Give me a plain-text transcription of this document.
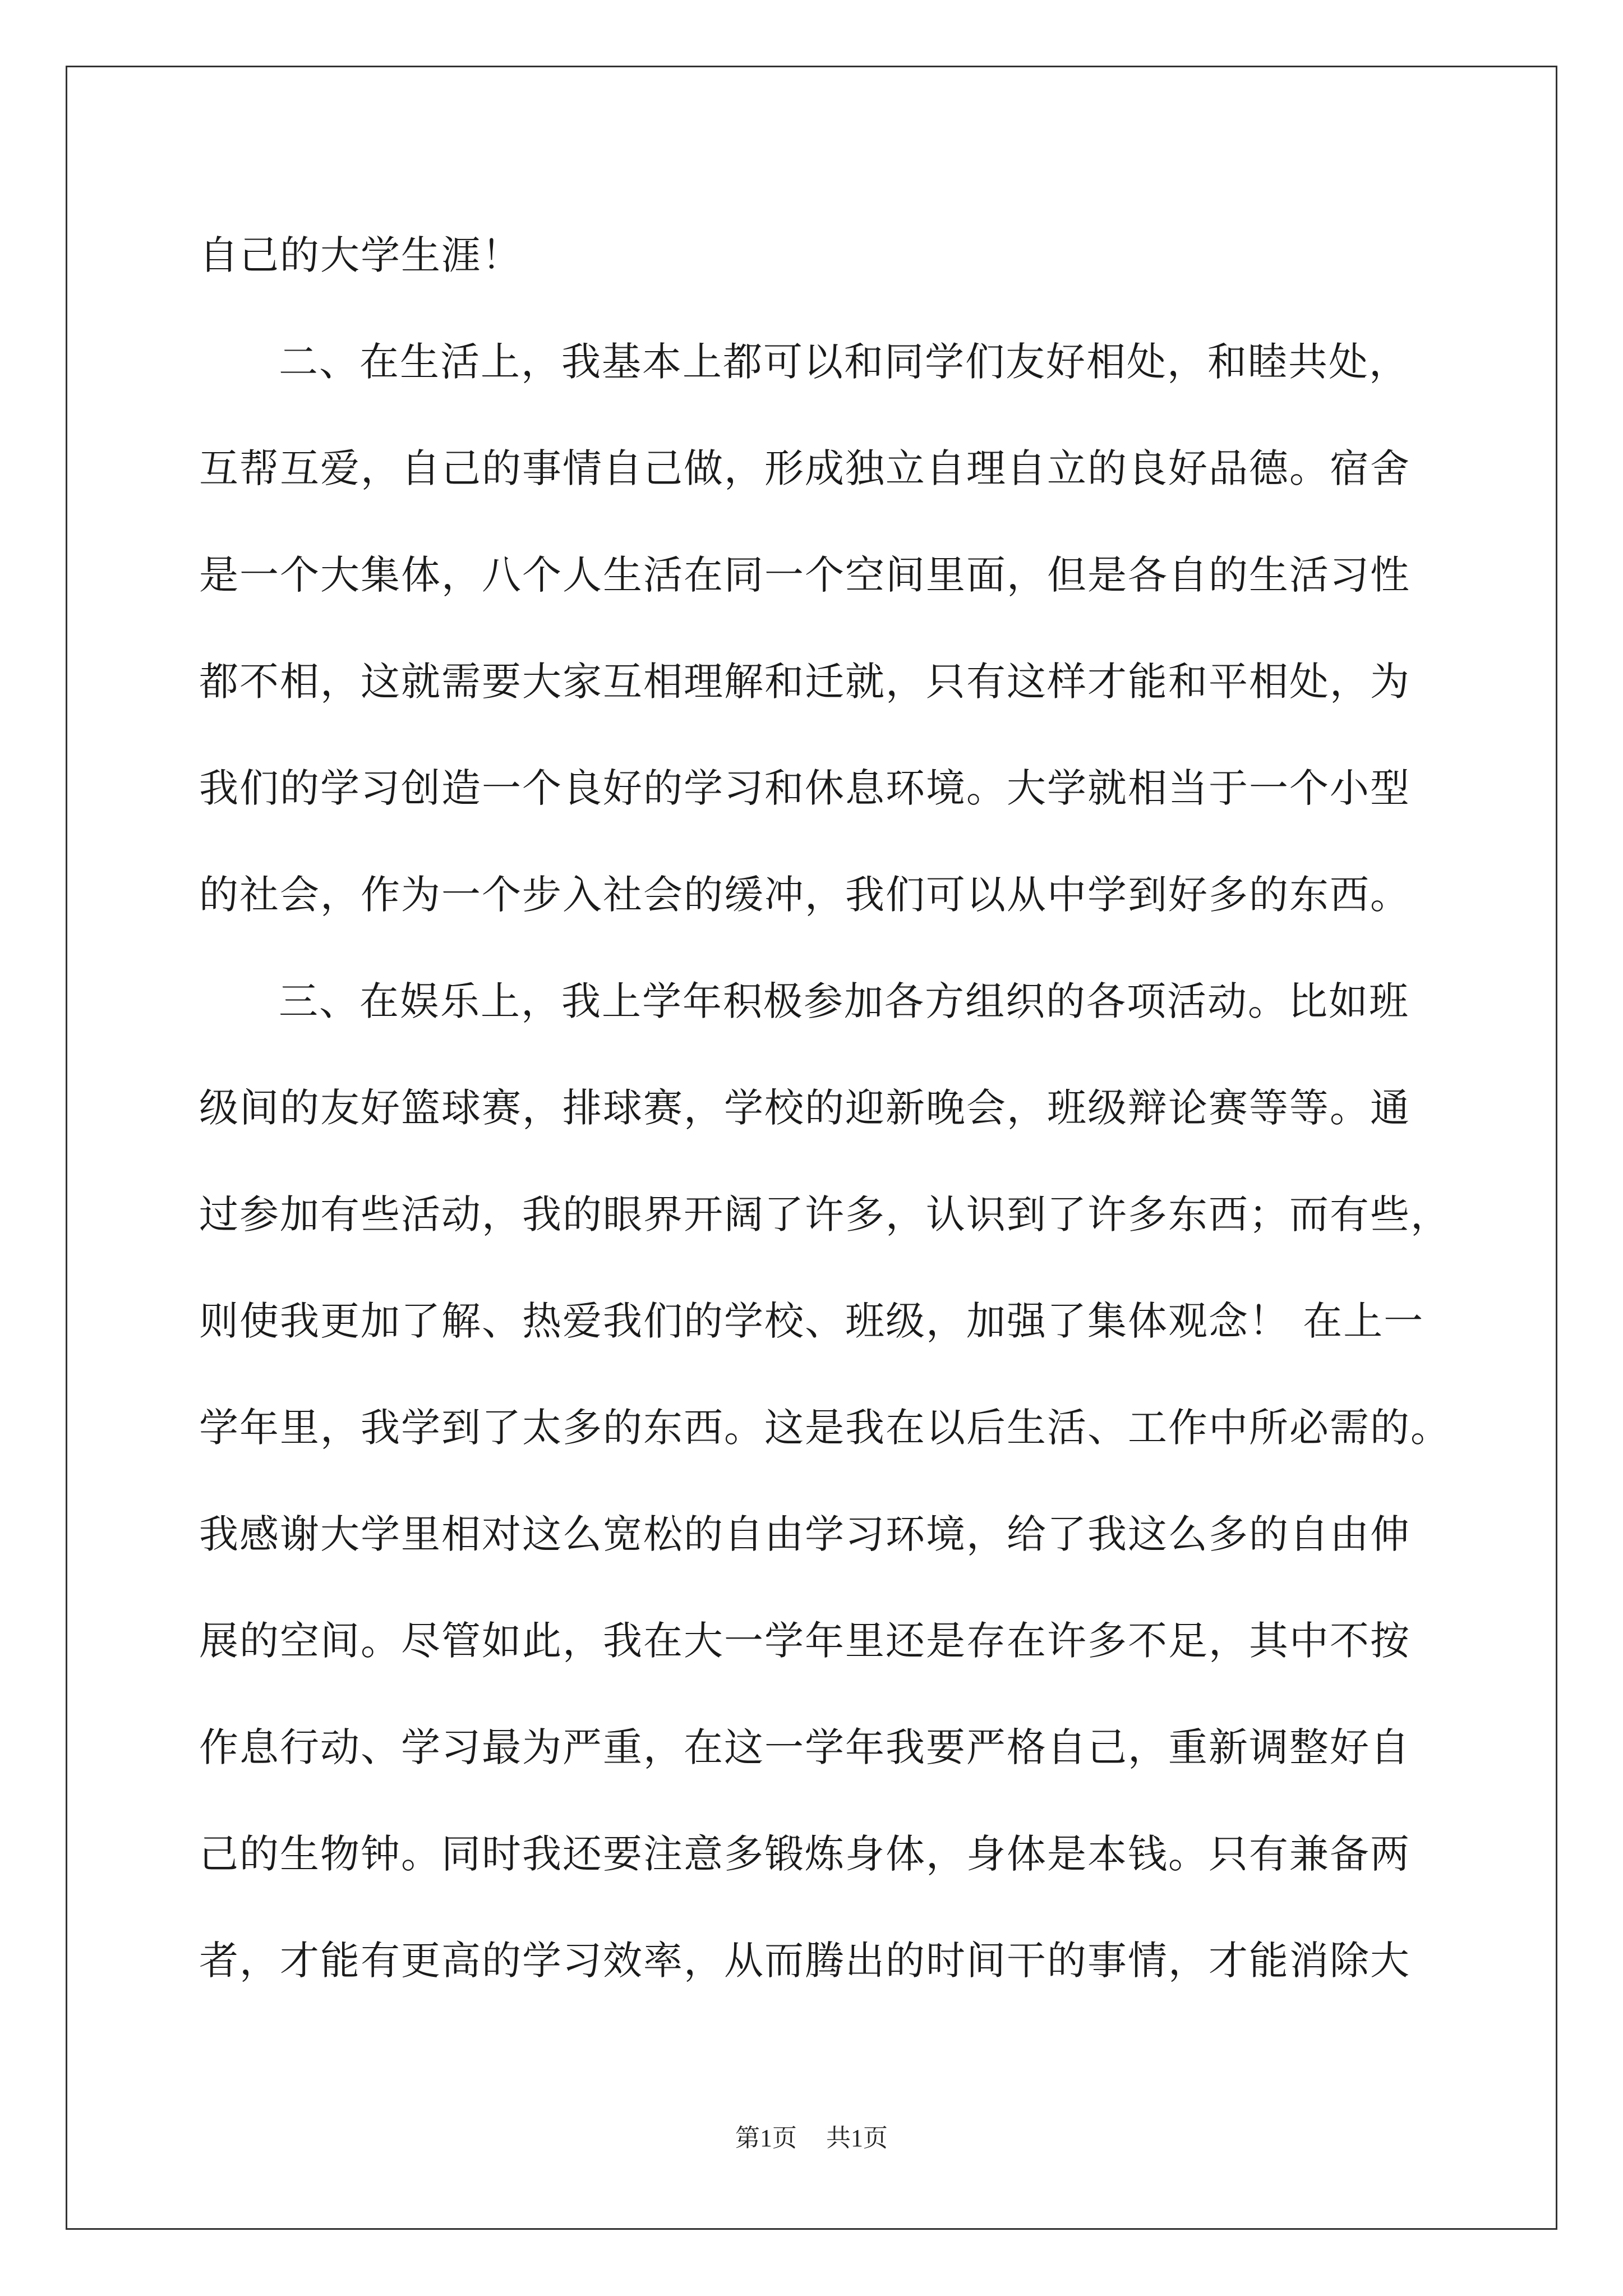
自己的大学生涯！
二、在生活上，我基本上都可以和同学们友好相处，和睦共处，
互帮互爱，自己的事情自己做，形成独立自理自立的良好品德。宿舍
是一个大集体，八个人生活在同一个空间里面，但是各自的生活习性
都不相，这就需要大家互相理解和迁就，只有这样才能和平相处，为
我们的学习创造一个良好的学习和休息环境。大学就相当于一个小型
的社会，作为一个步入社会的缓冲，我们可以从中学到好多的东西。
三、在娱乐上，我上学年积极参加各方组织的各项活动。比如班
级间的友好篮球赛，排球赛，学校的迎新晚会，班级辩论赛等等。通
过参加有些活动，我的眼界开阔了许多，认识到了许多东西；而有些，
则使我更加了解、热爱我们的学校、班级，加强了集体观念！ 在上一
学年里，我学到了太多的东西。这是我在以后生活、工作中所必需的。
我感谢大学里相对这么宽松的自由学习环境，给了我这么多的自由伸
展的空间。尽管如此，我在大一学年里还是存在许多不足，其中不按
作息行动、学习最为严重，在这一学年我要严格自己，重新调整好自
己的生物钟。同时我还要注意多锻炼身体，身体是本钱。只有兼备两
者，才能有更高的学习效率，从而腾出的时间干的事情，才能消除大
第1页 共1页
